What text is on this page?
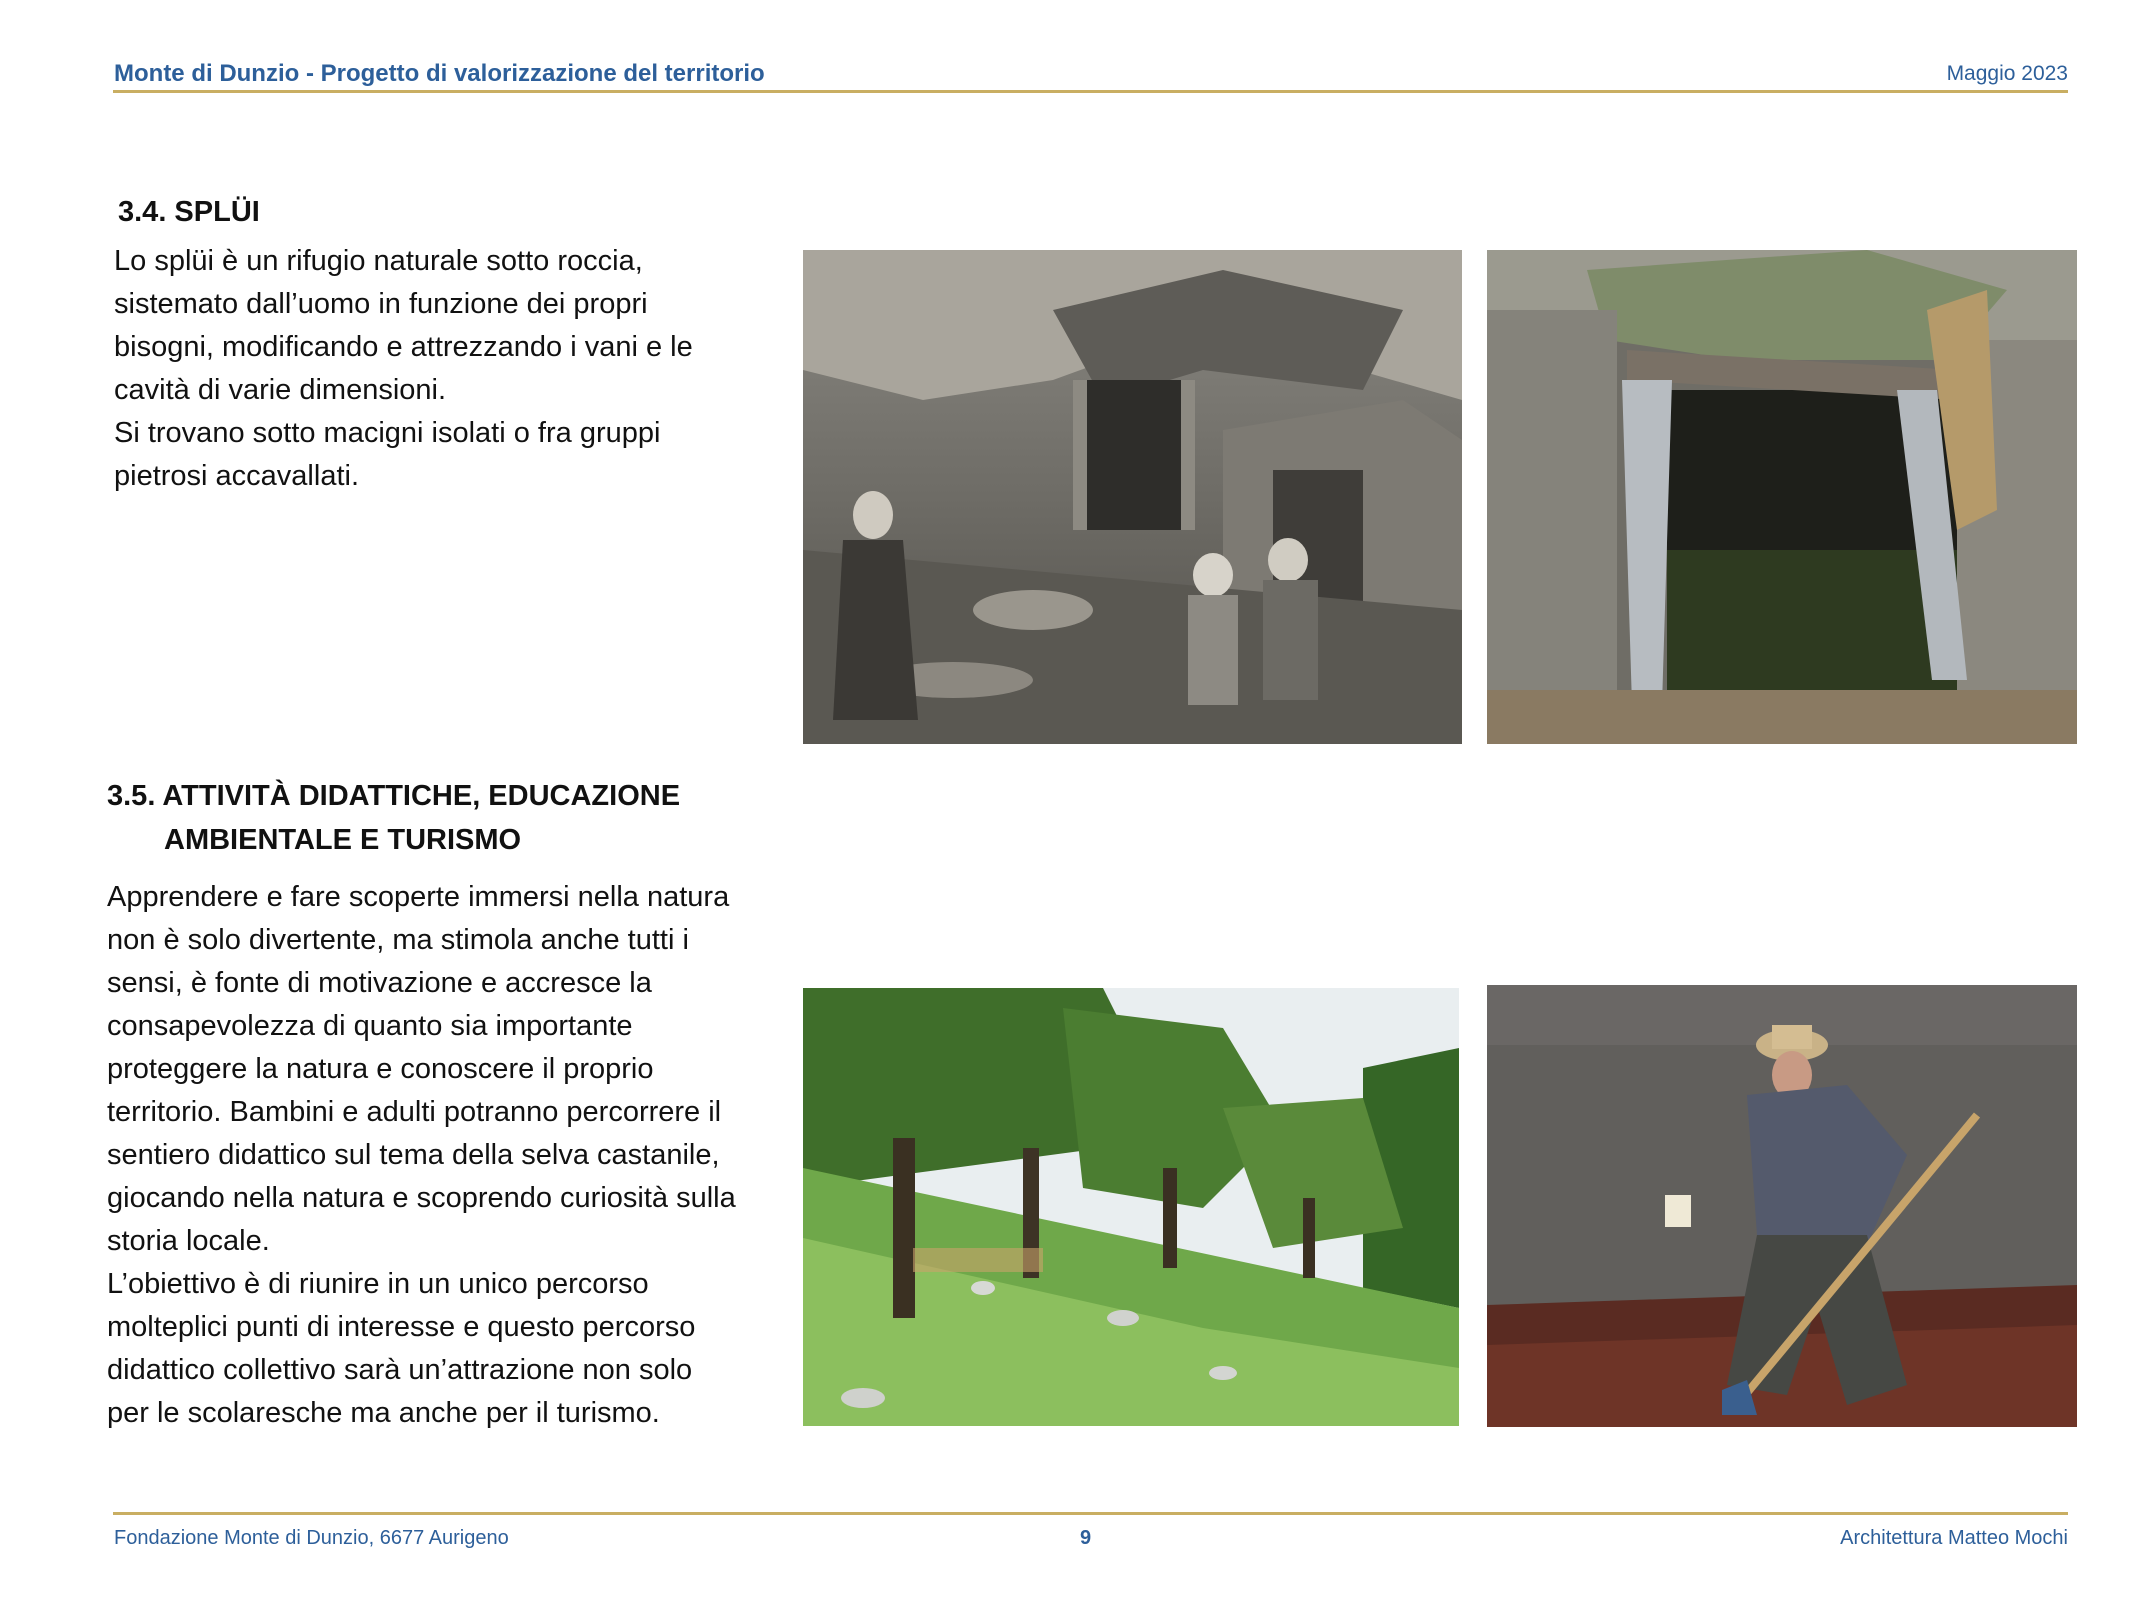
Monte di Dunzio - Progetto di valorizzazione del territorio	Maggio 2023
3.4. SPLÜI
Lo splüi è un rifugio naturale sotto roccia,
sistemato dall’uomo in funzione dei propri
bisogni, modificando e attrezzando i vani e le
cavità di varie dimensioni.
Si trovano sotto macigni isolati o fra gruppi
pietrosi accavallati.
3.5. ATTIVITÀ DIDATTICHE, EDUCAZIONE
AMBIENTALE E TURISMO
Apprendere e fare scoperte immersi nella natura
non è solo divertente, ma stimola anche tutti i
sensi, è fonte di motivazione e accresce la
consapevolezza di quanto sia importante
proteggere la natura e conoscere il proprio
territorio. Bambini e adulti potranno percorrere il
sentiero didattico sul tema della selva castanile,
giocando nella natura e scoprendo curiosità sulla
storia locale.
L’obiettivo è di riunire in un unico percorso
molteplici punti di interesse e questo percorso
didattico collettivo sarà un’attrazione non solo
per le scolaresche ma anche per il turismo.
Fondazione Monte di Dunzio, 6677 Aurigeno	9	Architettura Matteo Mochi
